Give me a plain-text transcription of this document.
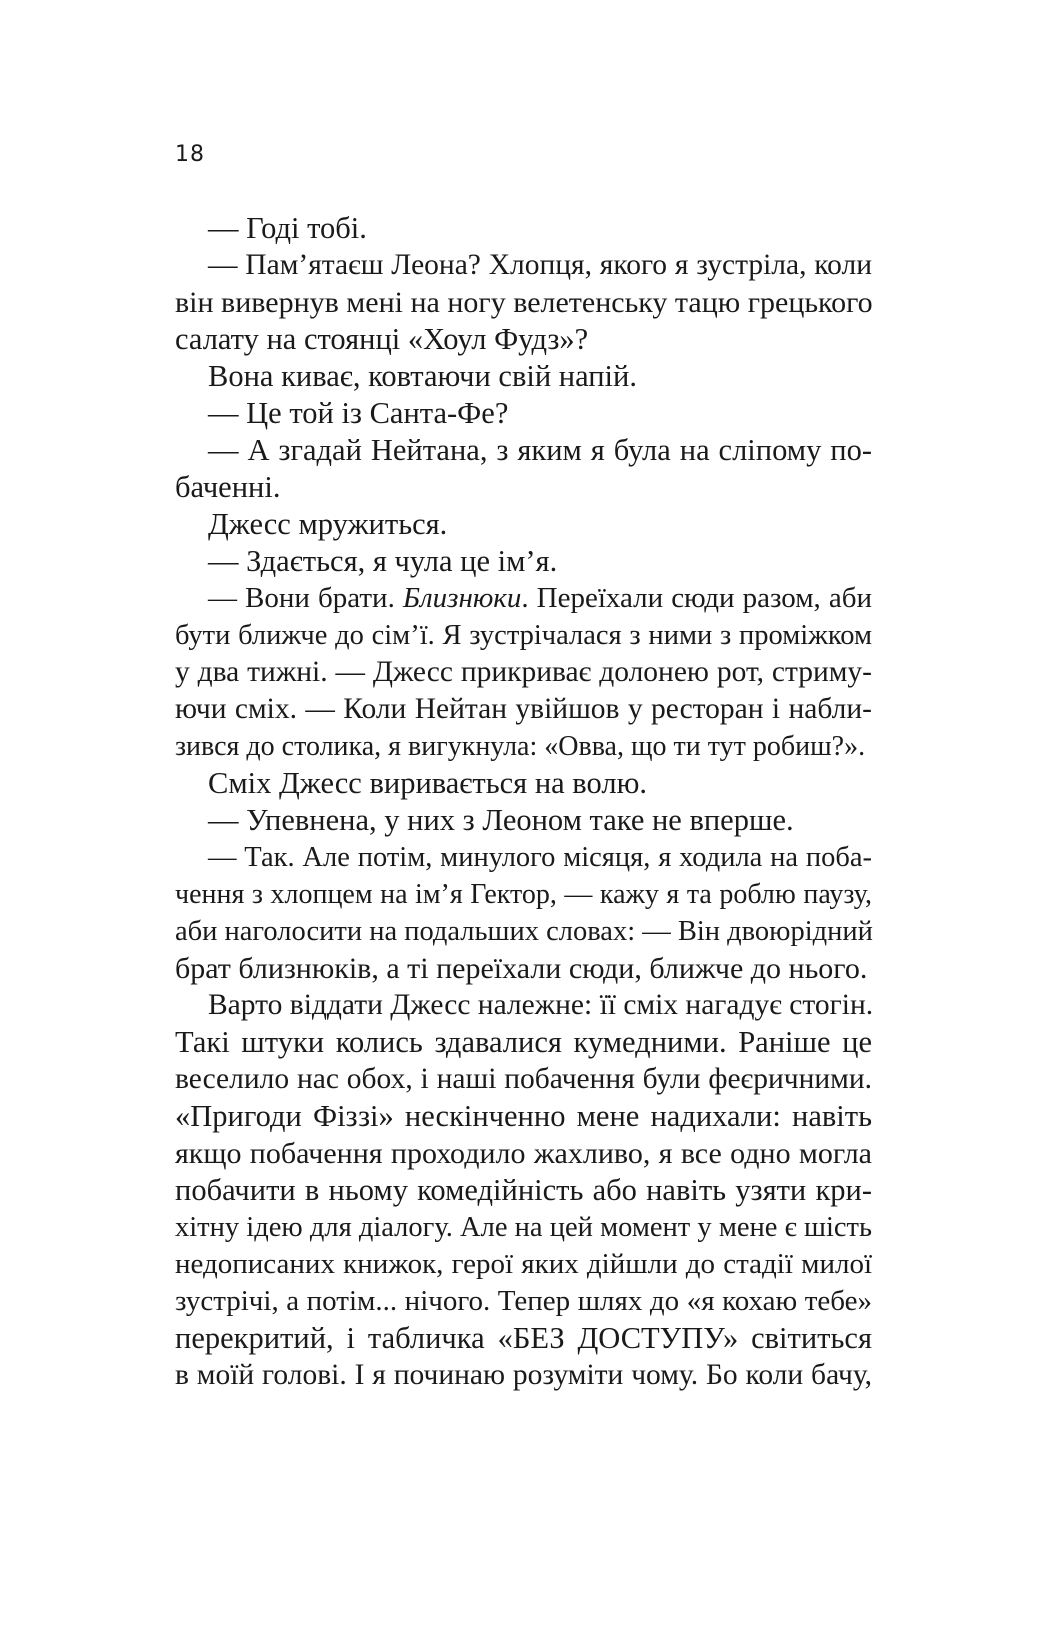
18
— Годі тобі.
— Пам’ятаєш Леона? Хлопця, якого я зустріла, коли
він вивернув мені на ногу велетенську тацю грецького
салату на стоянці «Хоул Фудз»?
Вона киває, ковтаючи свій напій.
— Це той із Санта-Фе?
— А згадай Нейтана, з яким я була на сліпому по-
баченні.
Джесс мружиться.
— Здається, я чула це ім’я.
— Вони брати. Близнюки. Переїхали сюди разом, аби
бути ближче до сім’ї. Я зустрічалася з ними з проміжком
у два тижні. — Джесс прикриває долонею рот, стриму-
ючи сміх. — Коли Нейтан увійшов у ресторан і набли-
зився до столика, я вигукнула: «Овва, що ти тут робиш?».
Сміх Джесс виривається на волю.
— Упевнена, у них з Леоном таке не вперше.
— Так. Але потім, минулого місяця, я ходила на поба-
чення з хлопцем на ім’я Гектор, — кажу я та роблю паузу,
аби наголосити на подальших словах: — Він двоюрідний
брат близнюків, а ті переїхали сюди, ближче до нього.
Варто віддати Джесс належне: її сміх нагадує стогін.
Такі штуки колись здавалися кумедними. Раніше це
веселило нас обох, і наші побачення були феєричними.
«Пригоди Фіззі» нескінченно мене надихали: навіть
якщо побачення проходило жахливо, я все одно могла
побачити в ньому комедійність або навіть узяти кри-
хітну ідею для діалогу. Але на цей момент у мене є шість
недописаних книжок, герої яких дійшли до стадії милої
зустрічі, а потім... нічого. Тепер шлях до «я кохаю тебе»
перекритий, і табличка «БЕЗ ДОСТУПУ» світиться
в моїй голові. І я починаю розуміти чому. Бо коли бачу,
